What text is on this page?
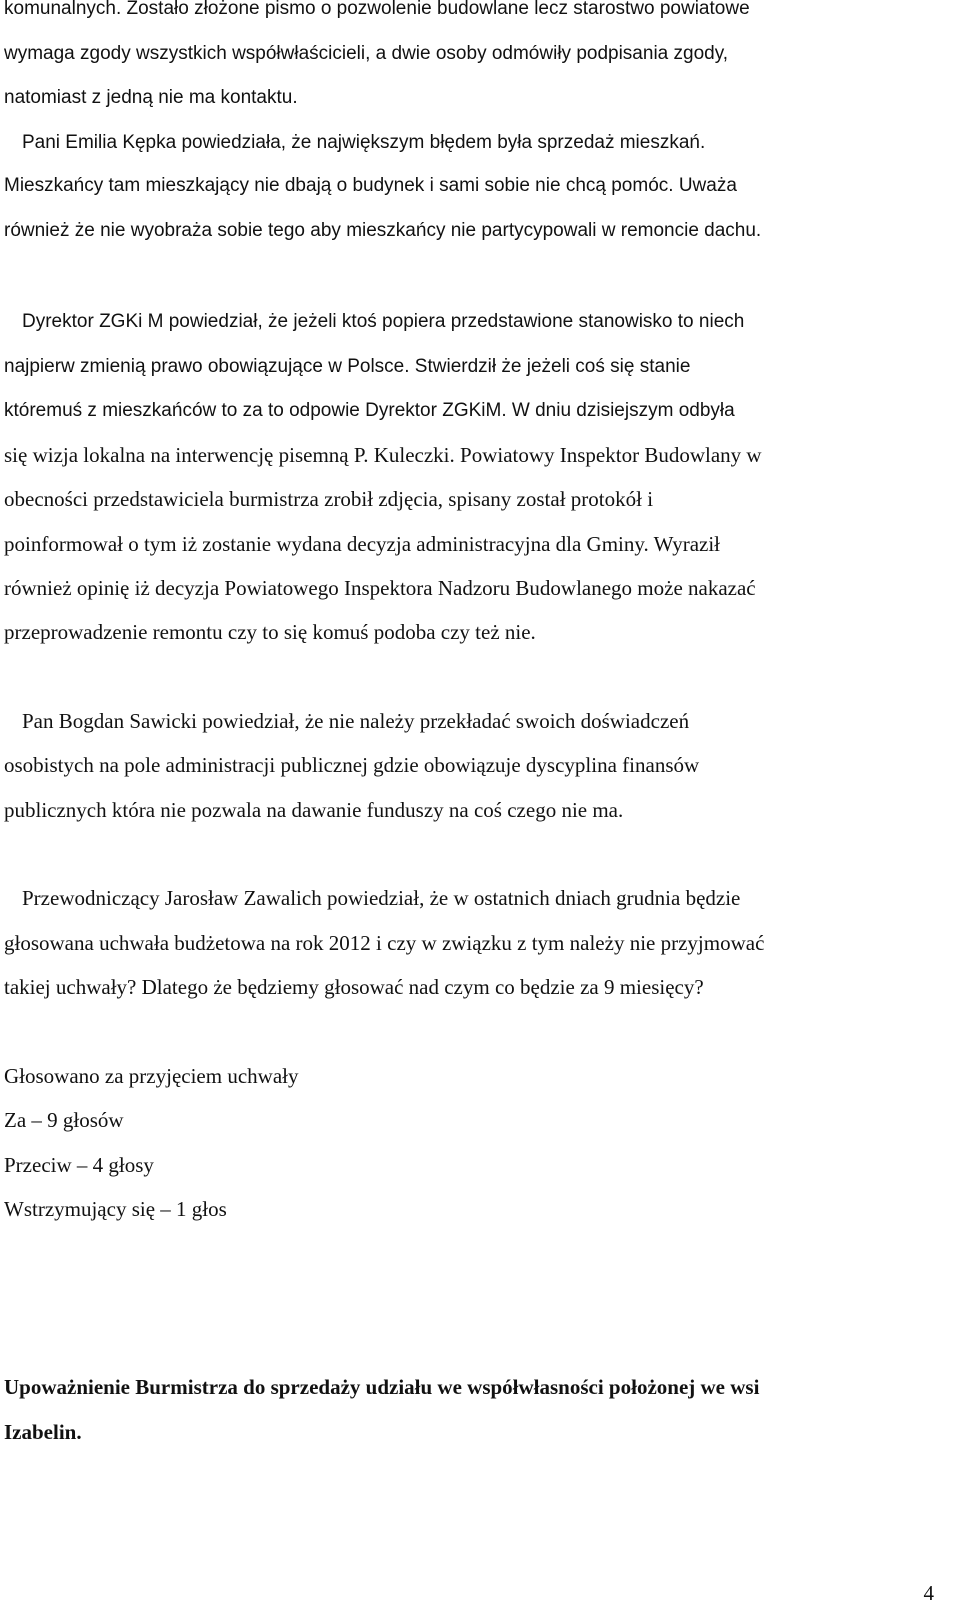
komunalnych. Zostało złożone pismo o pozwolenie budowlane lecz starostwo powiatowe
wymaga zgody wszystkich współwłaścicieli, a dwie osoby odmówiły podpisania zgody,
natomiast z jedną nie ma kontaktu.
Pani Emilia Kępka powiedziała, że największym błędem była sprzedaż mieszkań.
Mieszkańcy tam mieszkający nie dbają o budynek i sami sobie nie chcą pomóc. Uważa
również że nie wyobraża sobie tego aby mieszkańcy nie partycypowali w remoncie dachu.
Dyrektor ZGKi M powiedział, że jeżeli ktoś popiera przedstawione stanowisko to niech
najpierw zmienią prawo obowiązujące w Polsce. Stwierdził że jeżeli coś się stanie
któremuś z mieszkańców to za to odpowie Dyrektor ZGKiM. W dniu dzisiejszym odbyła
się wizja lokalna na interwencję pisemną P. Kuleczki. Powiatowy Inspektor Budowlany w
obecności przedstawiciela burmistrza zrobił zdjęcia, spisany został protokół i
poinformował o tym iż zostanie wydana decyzja administracyjna dla Gminy. Wyraził
również opinię iż decyzja Powiatowego Inspektora Nadzoru Budowlanego może nakazać
przeprowadzenie remontu czy to się komuś podoba czy też nie.
Pan Bogdan Sawicki powiedział, że nie należy przekładać swoich doświadczeń
osobistych na pole administracji publicznej gdzie obowiązuje dyscyplina finansów
publicznych która nie pozwala na dawanie funduszy na coś czego nie ma.
Przewodniczący Jarosław Zawalich powiedział, że w ostatnich dniach grudnia będzie
głosowana uchwała budżetowa na rok 2012 i czy w związku z tym należy nie przyjmować
takiej uchwały? Dlatego że będziemy głosować nad czym co będzie za 9 miesięcy?
Głosowano za przyjęciem uchwały
Za – 9 głosów
Przeciw – 4 głosy
Wstrzymujący się – 1 głos
Upoważnienie Burmistrza do sprzedaży udziału we współwłasności położonej we wsi
Izabelin.
4
